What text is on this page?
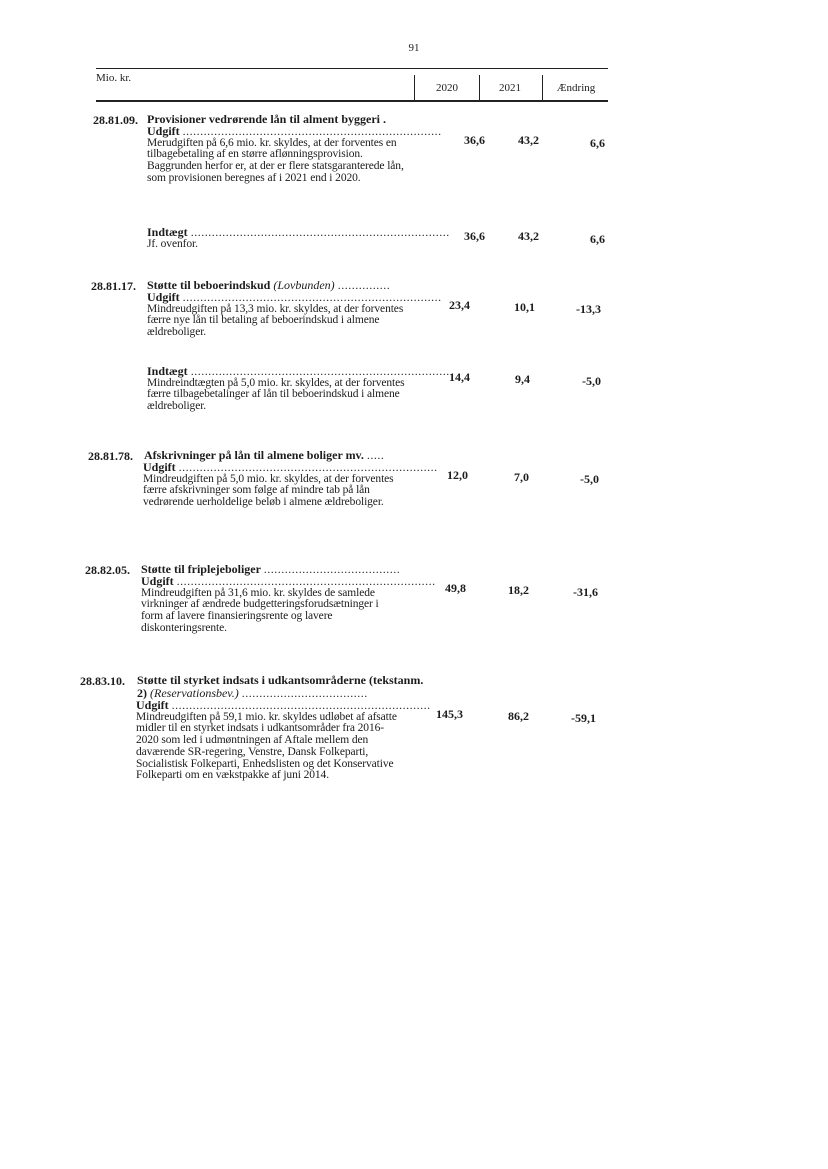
91
Mio. kr.
2020	2021	Ændring
28.81.09. Provisioner vedrørende lån til alment byggeri .
Udgift ..........................................................................
Merudgiften på 6,6 mio. kr. skyldes, at der forventes en tilbagebetaling af en større aflønningsprovision. Baggrunden herfor er, at der er flere statsgaranterede lån, som provisionen beregnes af i 2021 end i 2020.
36,6	43,2	6,6
Indtægt ..........................................................................
Jf. ovenfor.
36,6	43,2	6,6
28.81.17. Støtte til beboerindskud (Lovbunden) ...............
Udgift ..........................................................................
Mindreudgiften på 13,3 mio. kr. skyldes, at der forventes færre nye lån til betaling af beboerindskud i almene ældreboliger.
23,4	10,1	-13,3
Indtægt ..........................................................................
Mindreindtægten på 5,0 mio. kr. skyldes, at der forventes færre tilbagebetalinger af lån til beboerindskud i almene ældreboliger.
14,4	9,4	-5,0
28.81.78. Afskrivninger på lån til almene boliger mv. .....
Udgift ..........................................................................
Mindreudgiften på 5,0 mio. kr. skyldes, at der forventes færre afskrivninger som følge af mindre tab på lån vedrørende uerholdelige beløb i almene ældreboliger.
12,0	7,0	-5,0
28.82.05. Støtte til friplejeboliger .......................................
Udgift ..........................................................................
Mindreudgiften på 31,6 mio. kr. skyldes de samlede virkninger af ændrede budgetteringsforudsætninger i form af lavere finansieringsrente og lavere diskonteringsrente.
49,8	18,2	-31,6
28.83.10. Støtte til styrket indsats i udkantsområderne (tekstanm. 2) (Reservationsbev.) ....................................
Udgift ..........................................................................
Mindreudgiften på 59,1 mio. kr. skyldes udløbet af afsatte midler til en styrket indsats i udkantsområder fra 2016-2020 som led i udmøntningen af Aftale mellem den daværende SR-regering, Venstre, Dansk Folkeparti, Socialistisk Folkeparti, Enhedslisten og det Konservative Folkeparti om en vækstpakke af juni 2014.
145,3	86,2	-59,1
